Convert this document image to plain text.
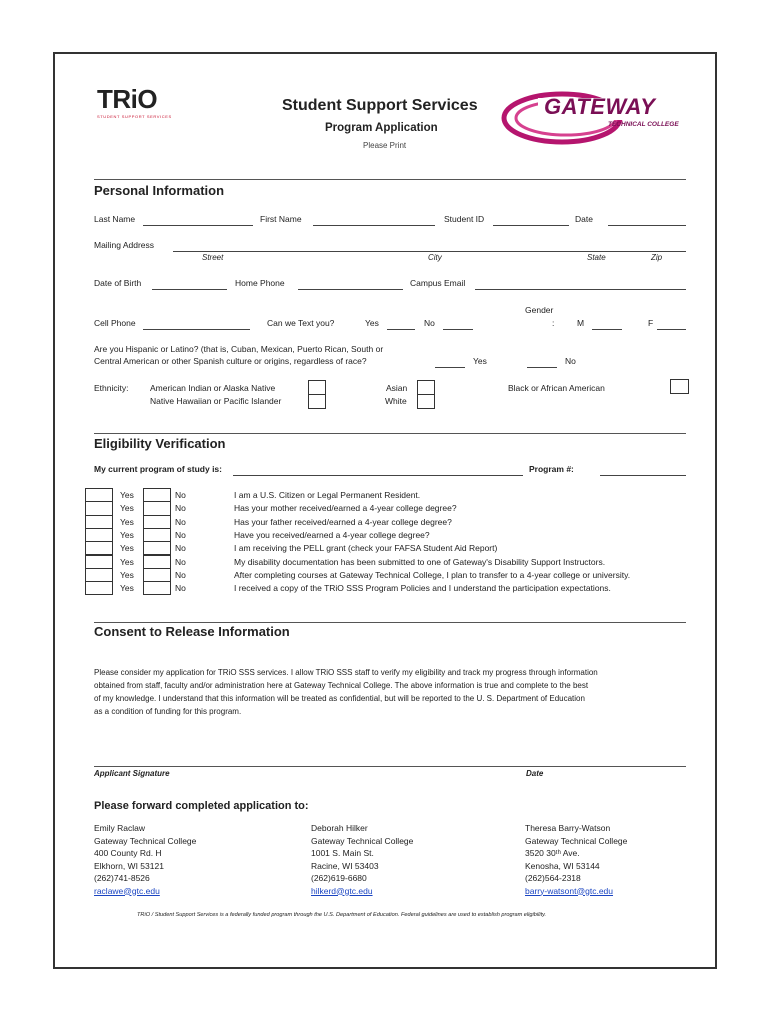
TRiO
STUDENT SUPPORT SERVICES
Student Support Services
Program Application
Please Print
GATEWAY
TECHNICAL COLLEGE
Personal Information
Last Name	First Name	Student ID	Date
Mailing Address
Street	City	State	Zip
Date of Birth	Home Phone	Campus Email
Gender
:
Cell Phone	Can we Text you?	Yes	No	M	F
Are you Hispanic or Latino? (that is, Cuban, Mexican, Puerto Rican, South or
Central American or other Spanish culture or origins, regardless of race?	Yes	No
Ethnicity:	American Indian or Alaska Native
Native Hawaiian or Pacific Islander
Asian
White
Black or African American
Eligibility Verification
My current program of study is:	Program #:
Yes	No	I am a U.S. Citizen or Legal Permanent Resident.
Yes	No	Has your mother received/earned a 4-year college degree?
Yes	No	Has your father received/earned a 4-year college degree?
Yes	No	Have you received/earned a 4-year college degree?
Yes	No	I am receiving the PELL grant (check your FAFSA Student Aid Report)
Yes	No	My disability documentation has been submitted to one of Gateway's Disability Support Instructors.
Yes	No	After completing courses at Gateway Technical College, I plan to transfer to a 4-year college or university.
Yes	No	I received a copy of the TRiO SSS Program Policies and I understand the participation expectations.
Consent to Release Information
Please consider my application for TRiO SSS services. I allow TRiO SSS staff to verify my eligibility and track my progress through information
obtained from staff, faculty and/or administration here at Gateway Technical College. The above information is true and complete to the best
of my knowledge. I understand that this information will be treated as confidential, but will be reported to the U. S. Department of Education
as a condition of funding for this program.
Applicant Signature	Date
Please forward completed application to:
Emily Raclaw
Gateway Technical College
400 County Rd. H
Elkhorn, WI 53121
(262)741-8526
raclawe@gtc.edu
Deborah Hilker
Gateway Technical College
1001 S. Main St.
Racine, WI 53403
(262)619-6680
hilkerd@gtc.edu
Theresa Barry-Watson
Gateway Technical College
3520 30ᵗʰ Ave.
Kenosha, WI 53144
(262)564-2318
barry-watsont@gtc.edu
TRiO / Student Support Services is a federally funded program through the U.S. Department of Education. Federal guidelines are used to establish program eligibility.
